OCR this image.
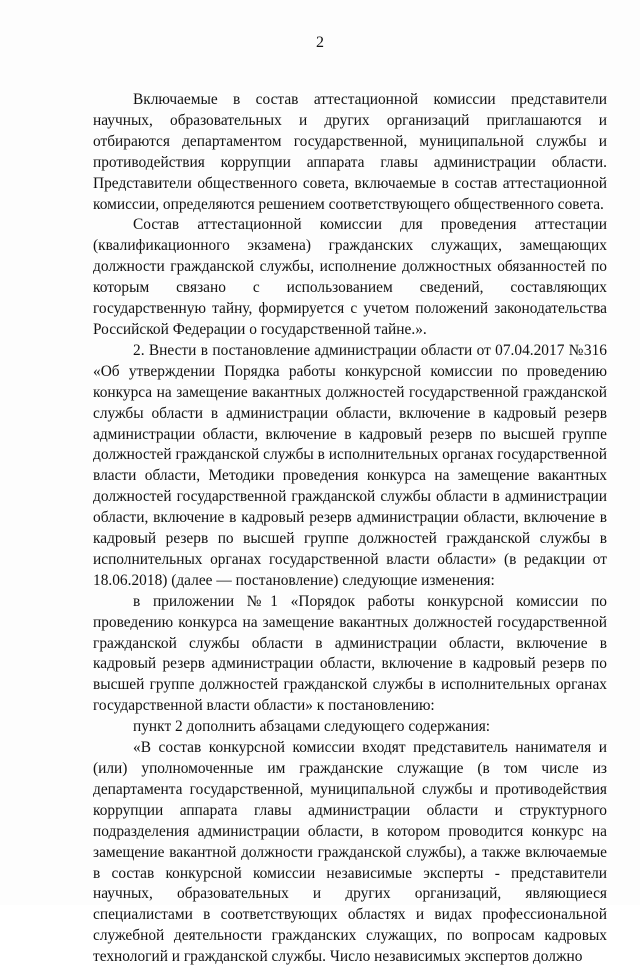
2

Включаемые в состав аттестационной комиссии представители научных, образовательных и других организаций приглашаются и отбираются департаментом государственной, муниципальной службы и противодействия коррупции аппарата главы администрации области. Представители общественного совета, включаемые в состав аттестационной комиссии, определяются решением соответствующего общественного совета.

Состав аттестационной комиссии для проведения аттестации (квалификационного экзамена) гражданских служащих, замещающих должности гражданской службы, исполнение должностных обязанностей по которым связано с использованием сведений, составляющих государственную тайну, формируется с учетом положений законодательства Российской Федерации о государственной тайне.».

2. Внести в постановление администрации области от 07.04.2017 №316 «Об утверждении Порядка работы конкурсной комиссии по проведению конкурса на замещение вакантных должностей государственной гражданской службы области в администрации области, включение в кадровый резерв администрации области, включение в кадровый резерв по высшей группе должностей гражданской службы в исполнительных органах государственной власти области, Методики проведения конкурса на замещение вакантных должностей государственной гражданской службы области в администрации области, включение в кадровый резерв администрации области, включение в кадровый резерв по высшей группе должностей гражданской службы в исполнительных органах государственной власти области» (в редакции от 18.06.2018) (далее — постановление) следующие изменения:

в приложении №1 «Порядок работы конкурсной комиссии по проведению конкурса на замещение вакантных должностей государственной гражданской службы области в администрации области, включение в кадровый резерв администрации области, включение в кадровый резерв по высшей группе должностей гражданской службы в исполнительных органах государственной власти области» к постановлению:

пункт 2 дополнить абзацами следующего содержания:

«В состав конкурсной комиссии входят представитель нанимателя и (или) уполномоченные им гражданские служащие (в том числе из департамента государственной, муниципальной службы и противодействия коррупции аппарата главы администрации области и структурного подразделения администрации области, в котором проводится конкурс на замещение вакантной должности гражданской службы), а также включаемые в состав конкурсной комиссии независимые эксперты - представители научных, образовательных и других организаций, являющиеся специалистами в соответствующих областях и видах профессиональной служебной деятельности гражданских служащих, по вопросам кадровых технологий и гражданской службы. Число независимых экспертов должно
